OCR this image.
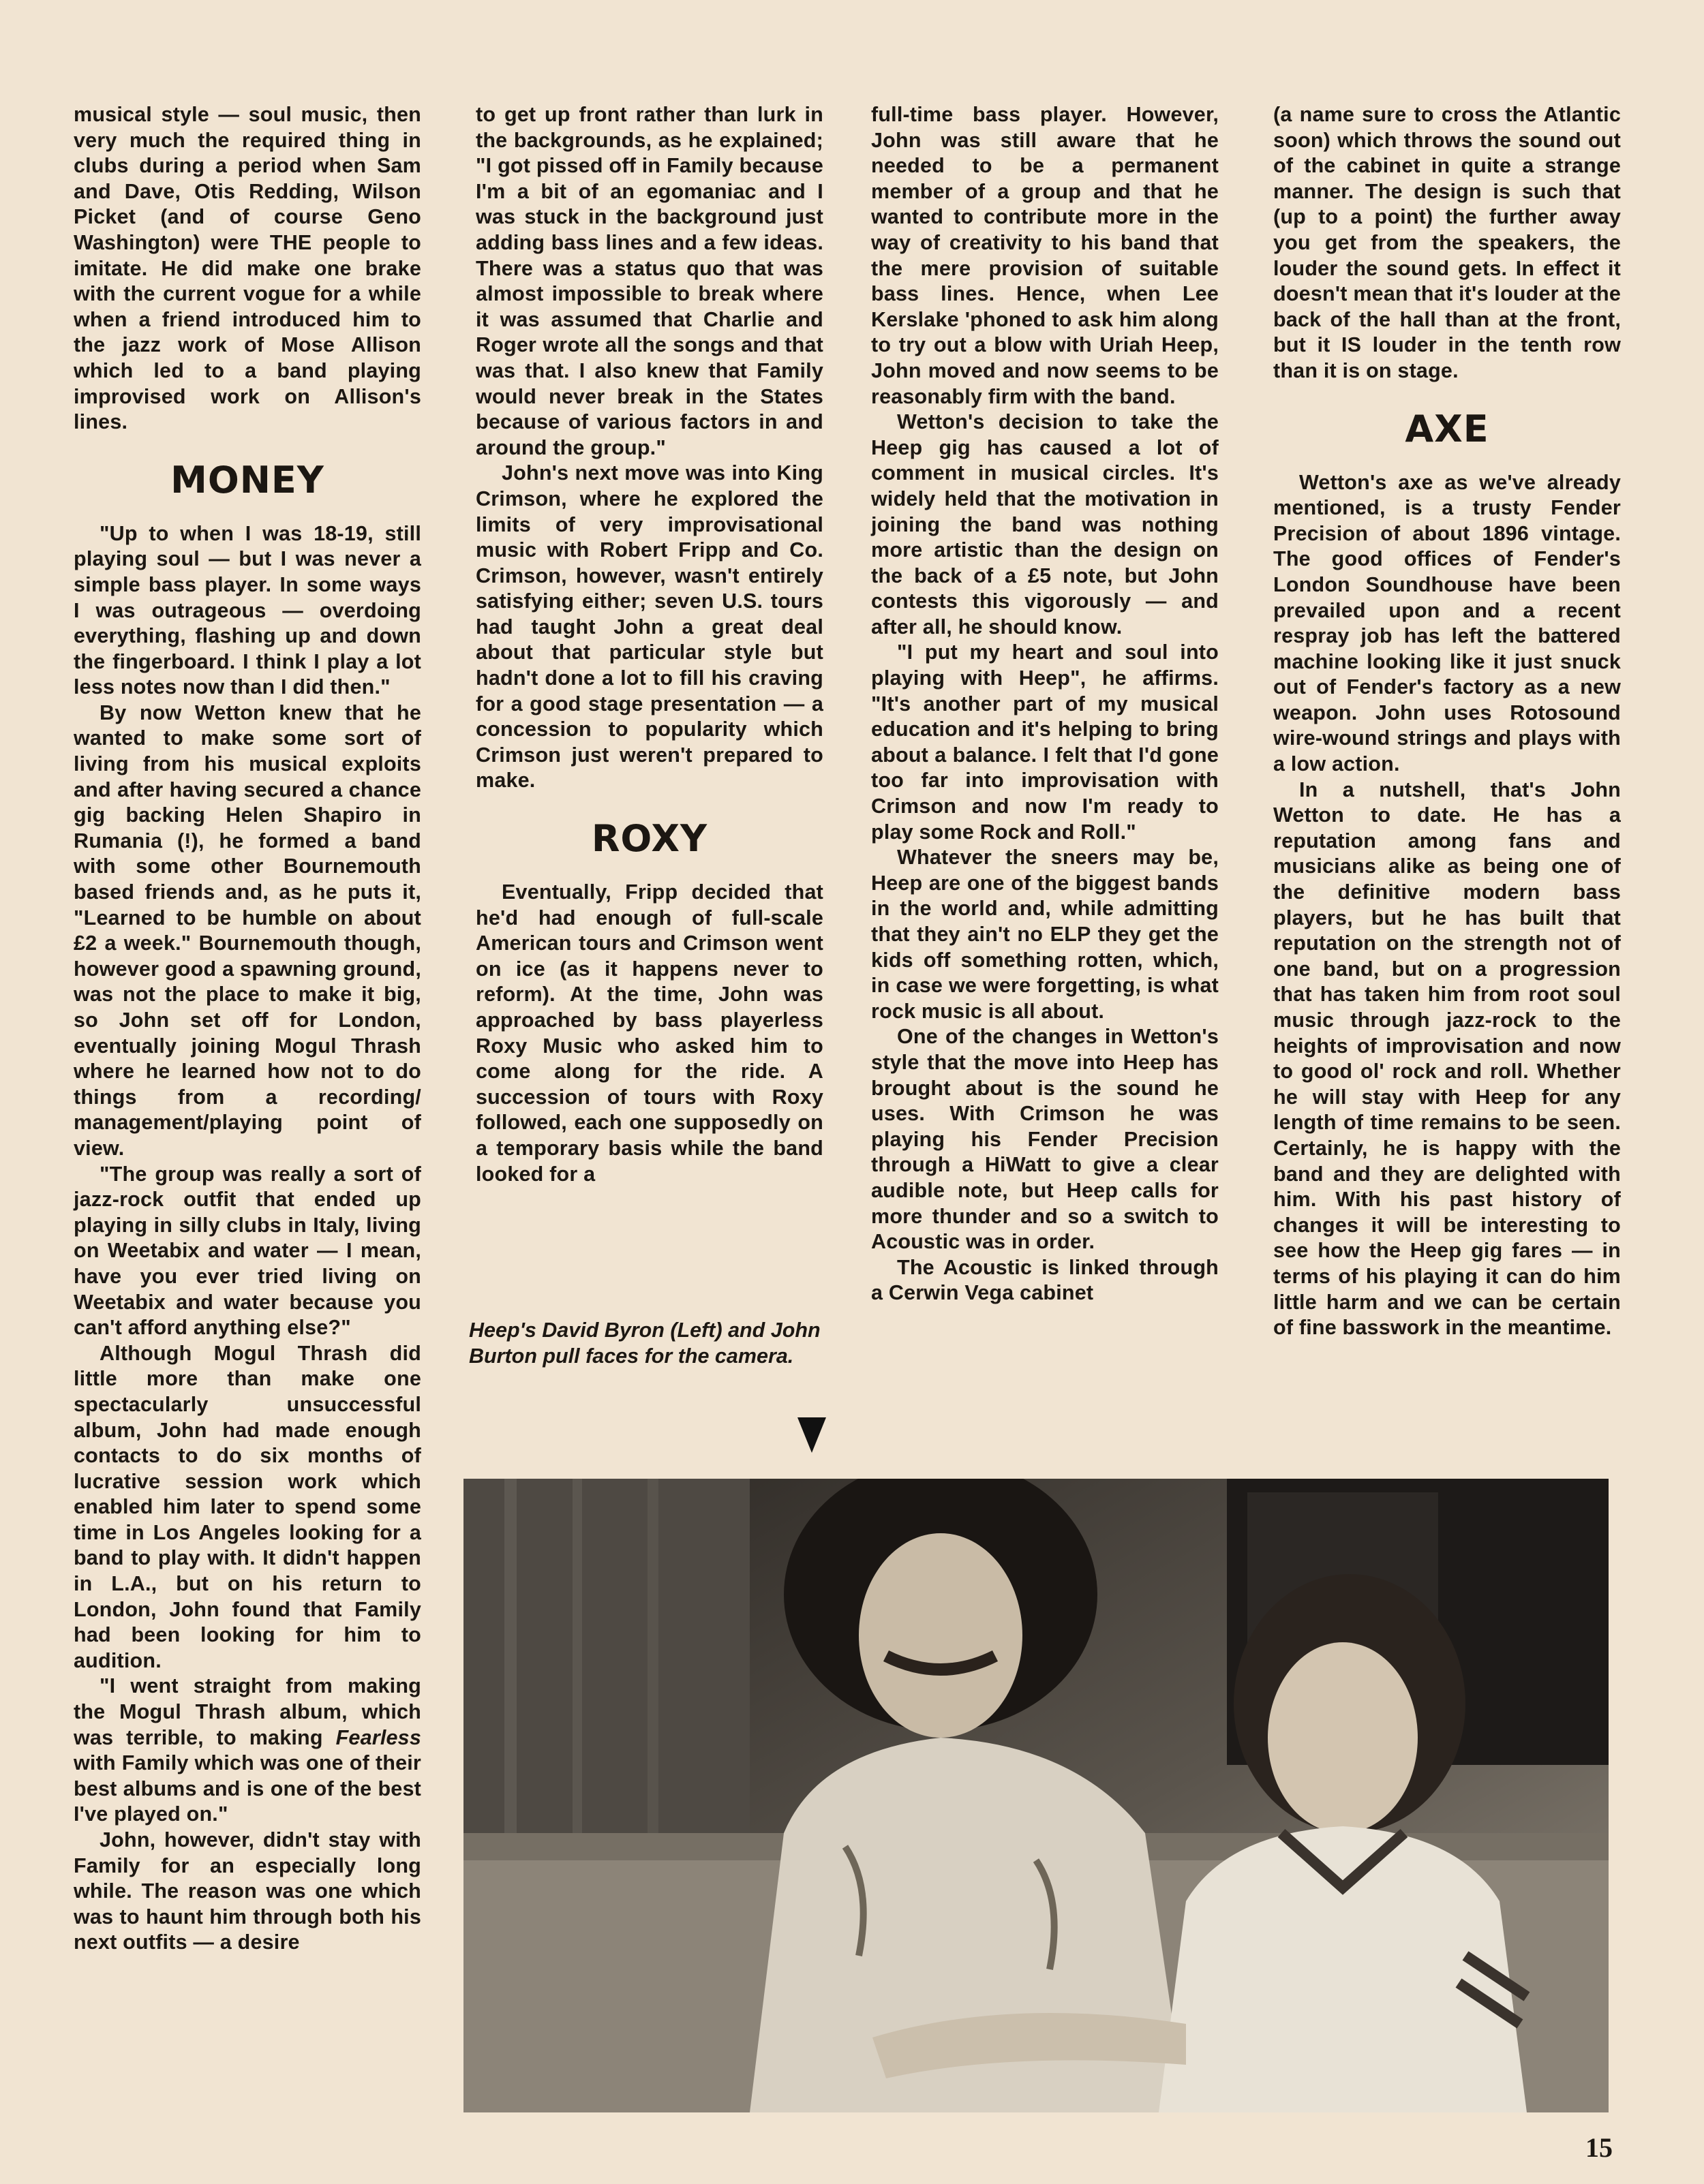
musical style — soul music, then very much the required thing in clubs during a period when Sam and Dave, Otis Redding, Wilson Picket (and of course Geno Washington) were THE people to imitate. He did make one brake with the current vogue for a while when a friend introduced him to the jazz work of Mose Allison which led to a band playing improvised work on Allison's lines.

MONEY

"Up to when I was 18-19, still playing soul — but I was never a simple bass player. In some ways I was outrageous — overdoing everything, flashing up and down the fingerboard. I think I play a lot less notes now than I did then."

By now Wetton knew that he wanted to make some sort of living from his musical exploits and after having secured a chance gig backing Helen Shapiro in Rumania (!), he formed a band with some other Bournemouth based friends and, as he puts it, "Learned to be humble on about £2 a week." Bournemouth though, however good a spawning ground, was not the place to make it big, so John set off for London, eventually joining Mogul Thrash where he learned how not to do things from a recording/ management/playing point of view.

"The group was really a sort of jazz-rock outfit that ended up playing in silly clubs in Italy, living on Weetabix and water — I mean, have you ever tried living on Weetabix and water because you can't afford anything else?"

Although Mogul Thrash did little more than make one spectacularly unsuccessful album, John had made enough contacts to do six months of lucrative session work which enabled him later to spend some time in Los Angeles looking for a band to play with. It didn't happen in L.A., but on his return to London, John found that Family had been looking for him to audition.

"I went straight from making the Mogul Thrash album, which was terrible, to making Fearless with Family which was one of their best albums and is one of the best I've played on."

John, however, didn't stay with Family for an especially long while. The reason was one which was to haunt him through both his next outfits — a desire

to get up front rather than lurk in the backgrounds, as he explained; "I got pissed off in Family because I'm a bit of an egomaniac and I was stuck in the background just adding bass lines and a few ideas. There was a status quo that was almost impossible to break where it was assumed that Charlie and Roger wrote all the songs and that was that. I also knew that Family would never break in the States because of various factors in and around the group."

John's next move was into King Crimson, where he explored the limits of very improvisational music with Robert Fripp and Co. Crimson, however, wasn't entirely satisfying either; seven U.S. tours had taught John a great deal about that particular style but hadn't done a lot to fill his craving for a good stage presentation — a concession to popularity which Crimson just weren't prepared to make.

ROXY

Eventually, Fripp decided that he'd had enough of full-scale American tours and Crimson went on ice (as it happens never to reform). At the time, John was approached by bass playerless Roxy Music who asked him to come along for the ride. A succession of tours with Roxy followed, each one supposedly on a temporary basis while the band looked for a

Heep's David Byron (Left) and John Burton pull faces for the camera.

full-time bass player. However, John was still aware that he needed to be a permanent member of a group and that he wanted to contribute more in the way of creativity to his band that the mere provision of suitable bass lines. Hence, when Lee Kerslake 'phoned to ask him along to try out a blow with Uriah Heep, John moved and now seems to be reasonably firm with the band.

Wetton's decision to take the Heep gig has caused a lot of comment in musical circles. It's widely held that the motivation in joining the band was nothing more artistic than the design on the back of a £5 note, but John contests this vigorously — and after all, he should know.

"I put my heart and soul into playing with Heep", he affirms. "It's another part of my musical education and it's helping to bring about a balance. I felt that I'd gone too far into improvisation with Crimson and now I'm ready to play some Rock and Roll."

Whatever the sneers may be, Heep are one of the biggest bands in the world and, while admitting that they ain't no ELP they get the kids off something rotten, which, in case we were forgetting, is what rock music is all about.

One of the changes in Wetton's style that the move into Heep has brought about is the sound he uses. With Crimson he was playing his Fender Precision through a HiWatt to give a clear audible note, but Heep calls for more thunder and so a switch to Acoustic was in order.

The Acoustic is linked through a Cerwin Vega cabinet

(a name sure to cross the Atlantic soon) which throws the sound out of the cabinet in quite a strange manner. The design is such that (up to a point) the further away you get from the speakers, the louder the sound gets. In effect it doesn't mean that it's louder at the back of the hall than at the front, but it IS louder in the tenth row than it is on stage.

AXE

Wetton's axe as we've already mentioned, is a trusty Fender Precision of about 1896 vintage. The good offices of Fender's London Soundhouse have been prevailed upon and a recent respray job has left the battered machine looking like it just snuck out of Fender's factory as a new weapon. John uses Rotosound wire-wound strings and plays with a low action.

In a nutshell, that's John Wetton to date. He has a reputation among fans and musicians alike as being one of the definitive modern bass players, but he has built that reputation on the strength not of one band, but on a progression that has taken him from root soul music through jazz-rock to the heights of improvisation and now to good ol' rock and roll. Whether he will stay with Heep for any length of time remains to be seen. Certainly, he is happy with the band and they are delighted with him. With his past history of changes it will be interesting to see how the Heep gig fares — in terms of his playing it can do him little harm and we can be certain of fine basswork in the meantime.

15
